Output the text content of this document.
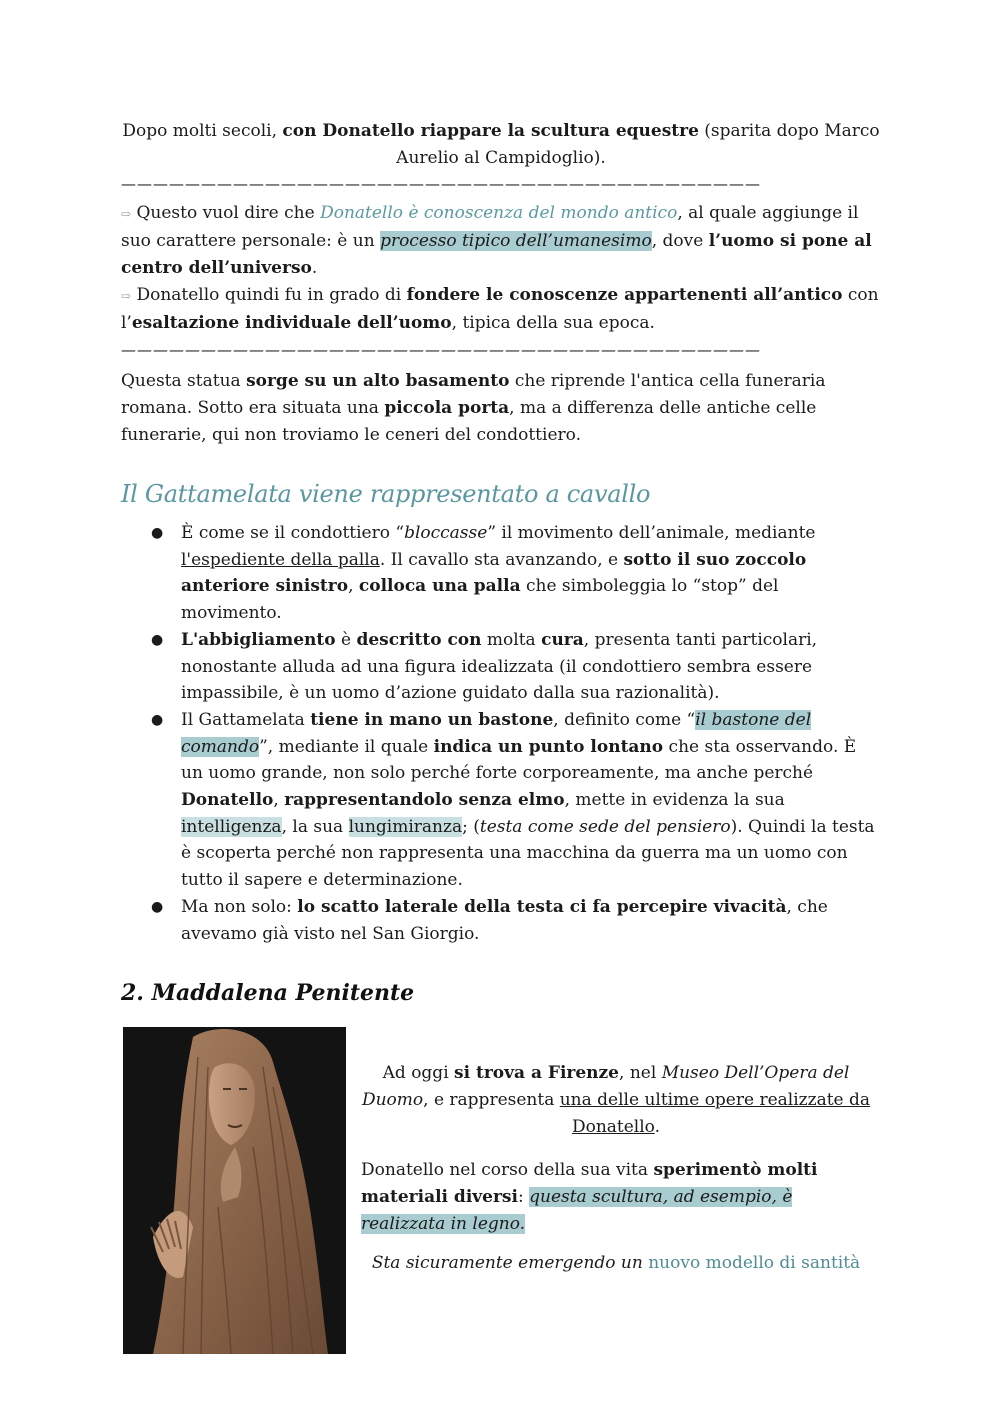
Dopo molti secoli, con Donatello riappare la scultura equestre (sparita dopo Marco Aurelio al Campidoglio).

————————————————————————————————————————

⇨ Questo vuol dire che Donatello è conoscenza del mondo antico, al quale aggiunge il suo carattere personale: è un processo tipico dell’umanesimo, dove l’uomo si pone al centro dell’universo.

⇨ Donatello quindi fu in grado di fondere le conoscenze appartenenti all’antico con l’esaltazione individuale dell’uomo, tipica della sua epoca.

————————————————————————————————————————

Questa statua sorge su un alto basamento che riprende l'antica cella funeraria romana. Sotto era situata una piccola porta, ma a differenza delle antiche celle funerarie, qui non troviamo le ceneri del condottiero.

Il Gattamelata viene rappresentato a cavallo
● È come se il condottiero “bloccasse” il movimento dell’animale, mediante l'espediente della palla. Il cavallo sta avanzando, e sotto il suo zoccolo anteriore sinistro, colloca una palla che simboleggia lo “stop” del movimento.
● L'abbigliamento è descritto con molta cura, presenta tanti particolari, nonostante alluda ad una figura idealizzata (il condottiero sembra essere impassibile, è un uomo d’azione guidato dalla sua razionalità).
● Il Gattamelata tiene in mano un bastone, definito come “il bastone del comando”, mediante il quale indica un punto lontano che sta osservando. È un uomo grande, non solo perché forte corporeamente, ma anche perché Donatello, rappresentandolo senza elmo, mette in evidenza la sua intelligenza, la sua lungimiranza; (testa come sede del pensiero). Quindi la testa è scoperta perché non rappresenta una macchina da guerra ma un uomo con tutto il sapere e determinazione.
● Ma non solo: lo scatto laterale della testa ci fa percepire vivacità, che avevamo già visto nel San Giorgio.
2. Maddalena Penitente

Ad oggi si trova a Firenze, nel Museo Dell’Opera del Duomo, e rappresenta una delle ultime opere realizzate da Donatello.

Donatello nel corso della sua vita sperimentò molti materiali diversi: questa scultura, ad esempio, è realizzata in legno.

Sta sicuramente emergendo un nuovo modello di santità
